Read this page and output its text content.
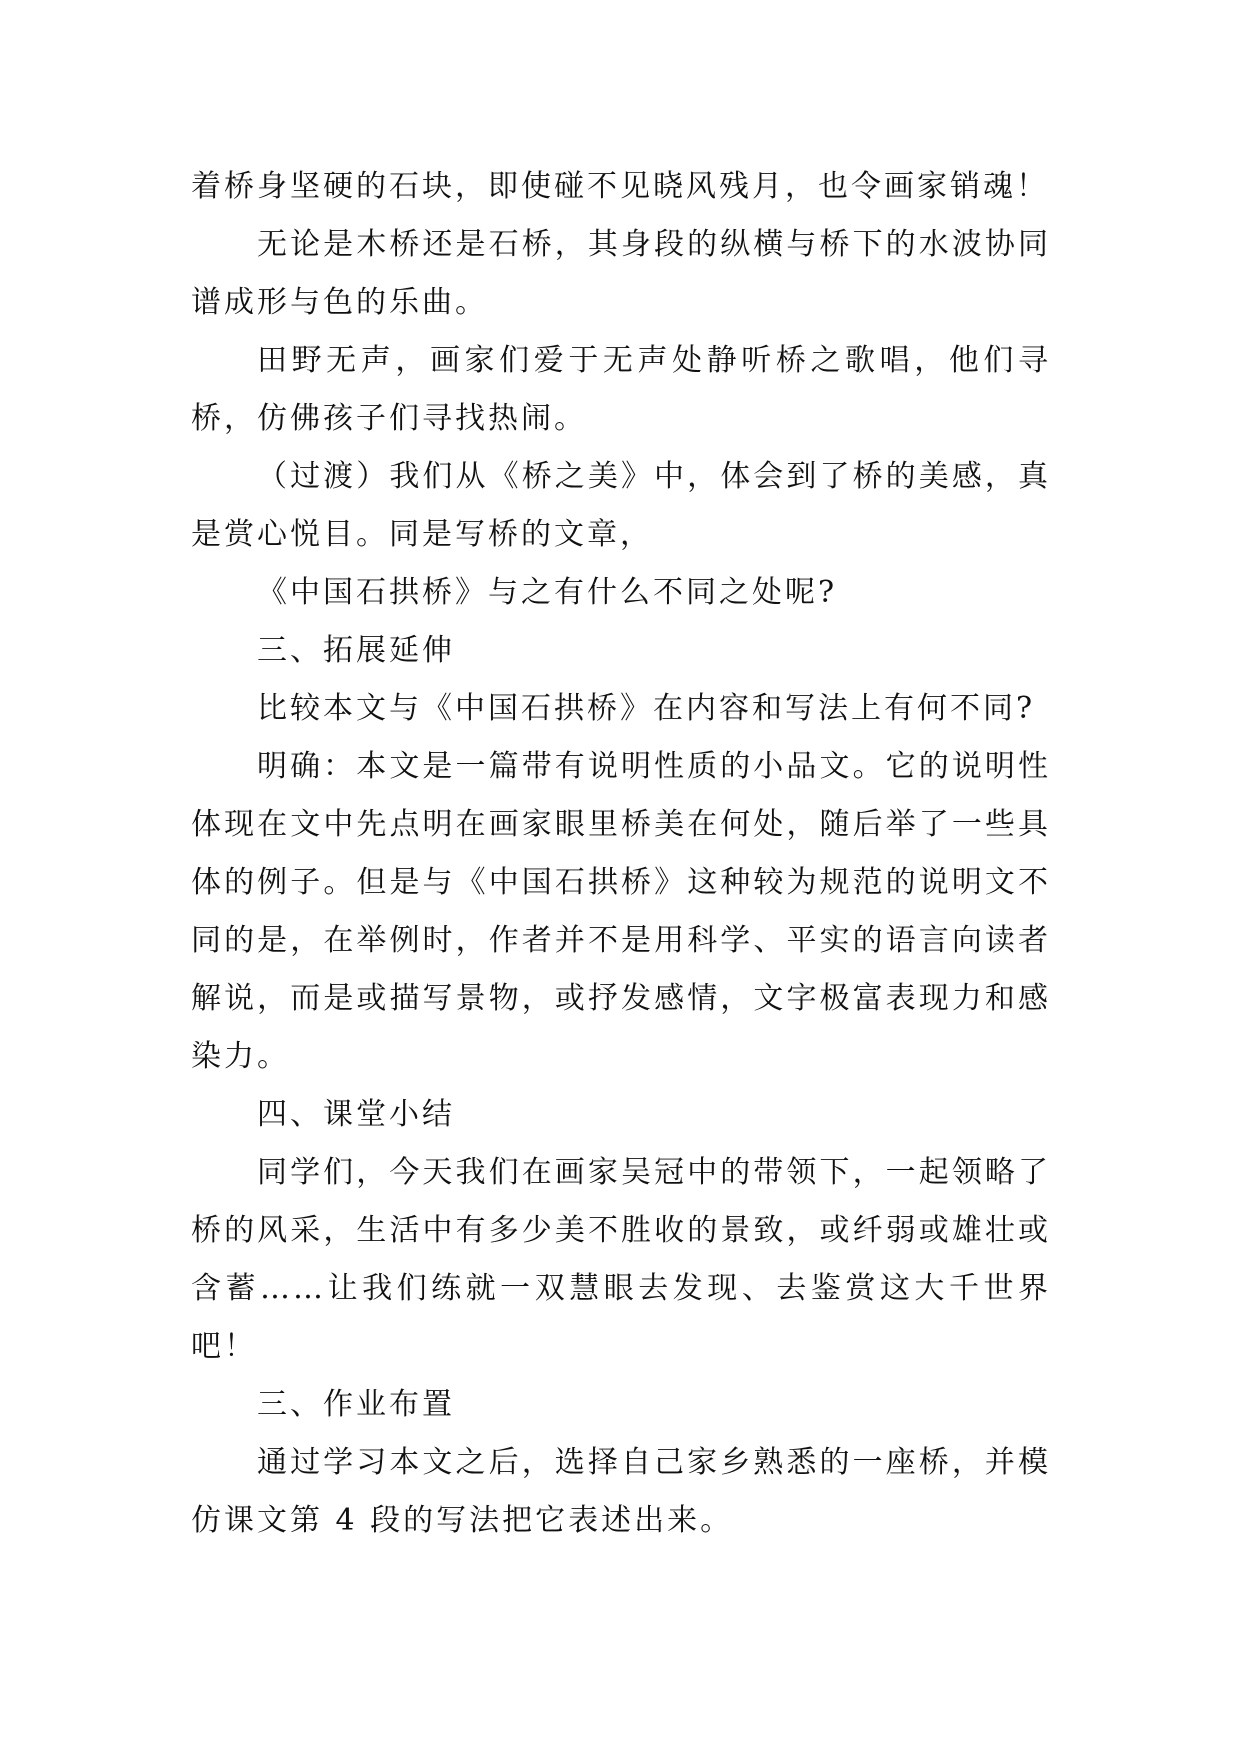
着桥身坚硬的石块，即使碰不见晓风残月，也令画家销魂！

无论是木桥还是石桥，其身段的纵横与桥下的水波协同谱成形与色的乐曲。

田野无声，画家们爱于无声处静听桥之歌唱，他们寻桥，仿佛孩子们寻找热闹。

（过渡）我们从《桥之美》中，体会到了桥的美感，真是赏心悦目。同是写桥的文章，

《中国石拱桥》与之有什么不同之处呢?

三、拓展延伸

比较本文与《中国石拱桥》在内容和写法上有何不同?

明确：本文是一篇带有说明性质的小品文。它的说明性体现在文中先点明在画家眼里桥美在何处，随后举了一些具体的例子。但是与《中国石拱桥》这种较为规范的说明文不同的是，在举例时，作者并不是用科学、平实的语言向读者解说，而是或描写景物，或抒发感情，文字极富表现力和感染力。

四、课堂小结

同学们，今天我们在画家吴冠中的带领下，一起领略了桥的风采，生活中有多少美不胜收的景致，或纤弱或雄壮或含蓄……让我们练就一双慧眼去发现、去鉴赏这大千世界吧！

三、作业布置

通过学习本文之后，选择自己家乡熟悉的一座桥，并模仿课文第 4 段的写法把它表述出来。
